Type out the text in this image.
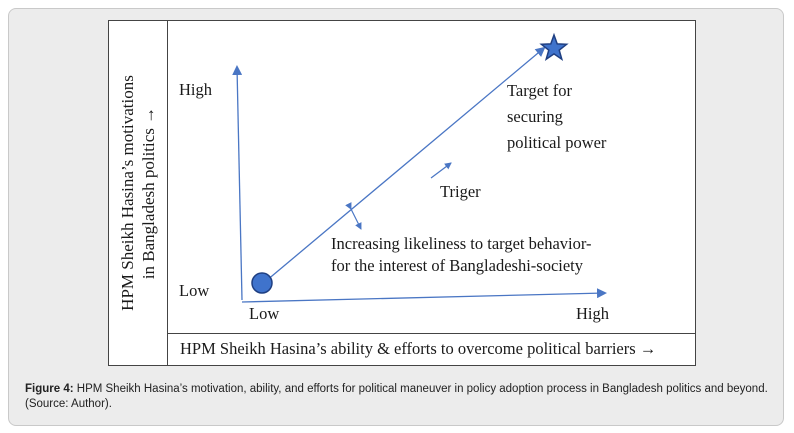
HPM Sheikh Hasina’s motivations in Bangladesh politics →
HPM Sheikh Hasina’s ability & efforts to overcome political barriers →
High
Low
Low	High
Target for
securing
political power
Triger
Increasing likeliness to target behavior-
for the interest of Bangladeshi-society
Figure 4: HPM Sheikh Hasina’s motivation, ability, and efforts for political maneuver in policy adoption process in Bangladesh politics and beyond. (Source: Author).
